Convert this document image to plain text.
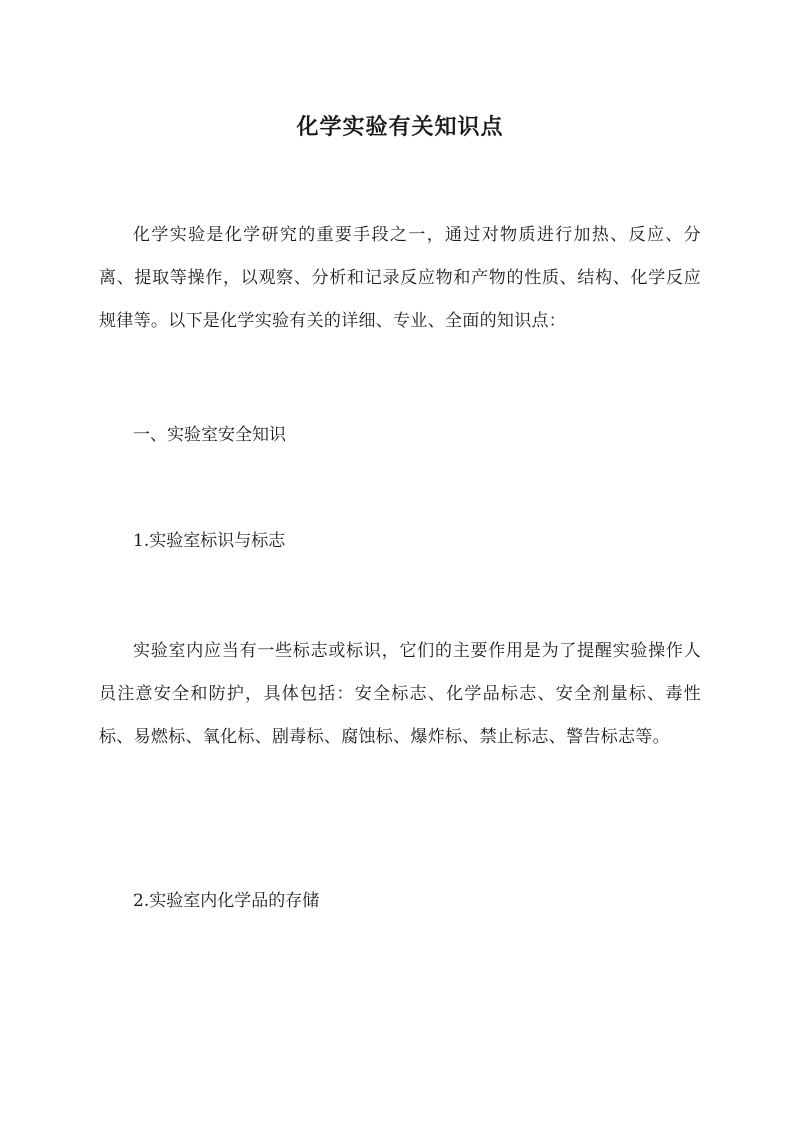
化学实验有关知识点

化学实验是化学研究的重要手段之一，通过对物质进行加热、反应、分离、提取等操作，以观察、分析和记录反应物和产物的性质、结构、化学反应规律等。以下是化学实验有关的详细、专业、全面的知识点：

一、实验室安全知识

1.实验室标识与标志

实验室内应当有一些标志或标识，它们的主要作用是为了提醒实验操作人员注意安全和防护，具体包括：安全标志、化学品标志、安全剂量标、毒性标、易燃标、氧化标、剧毒标、腐蚀标、爆炸标、禁止标志、警告标志等。

2.实验室内化学品的存储
